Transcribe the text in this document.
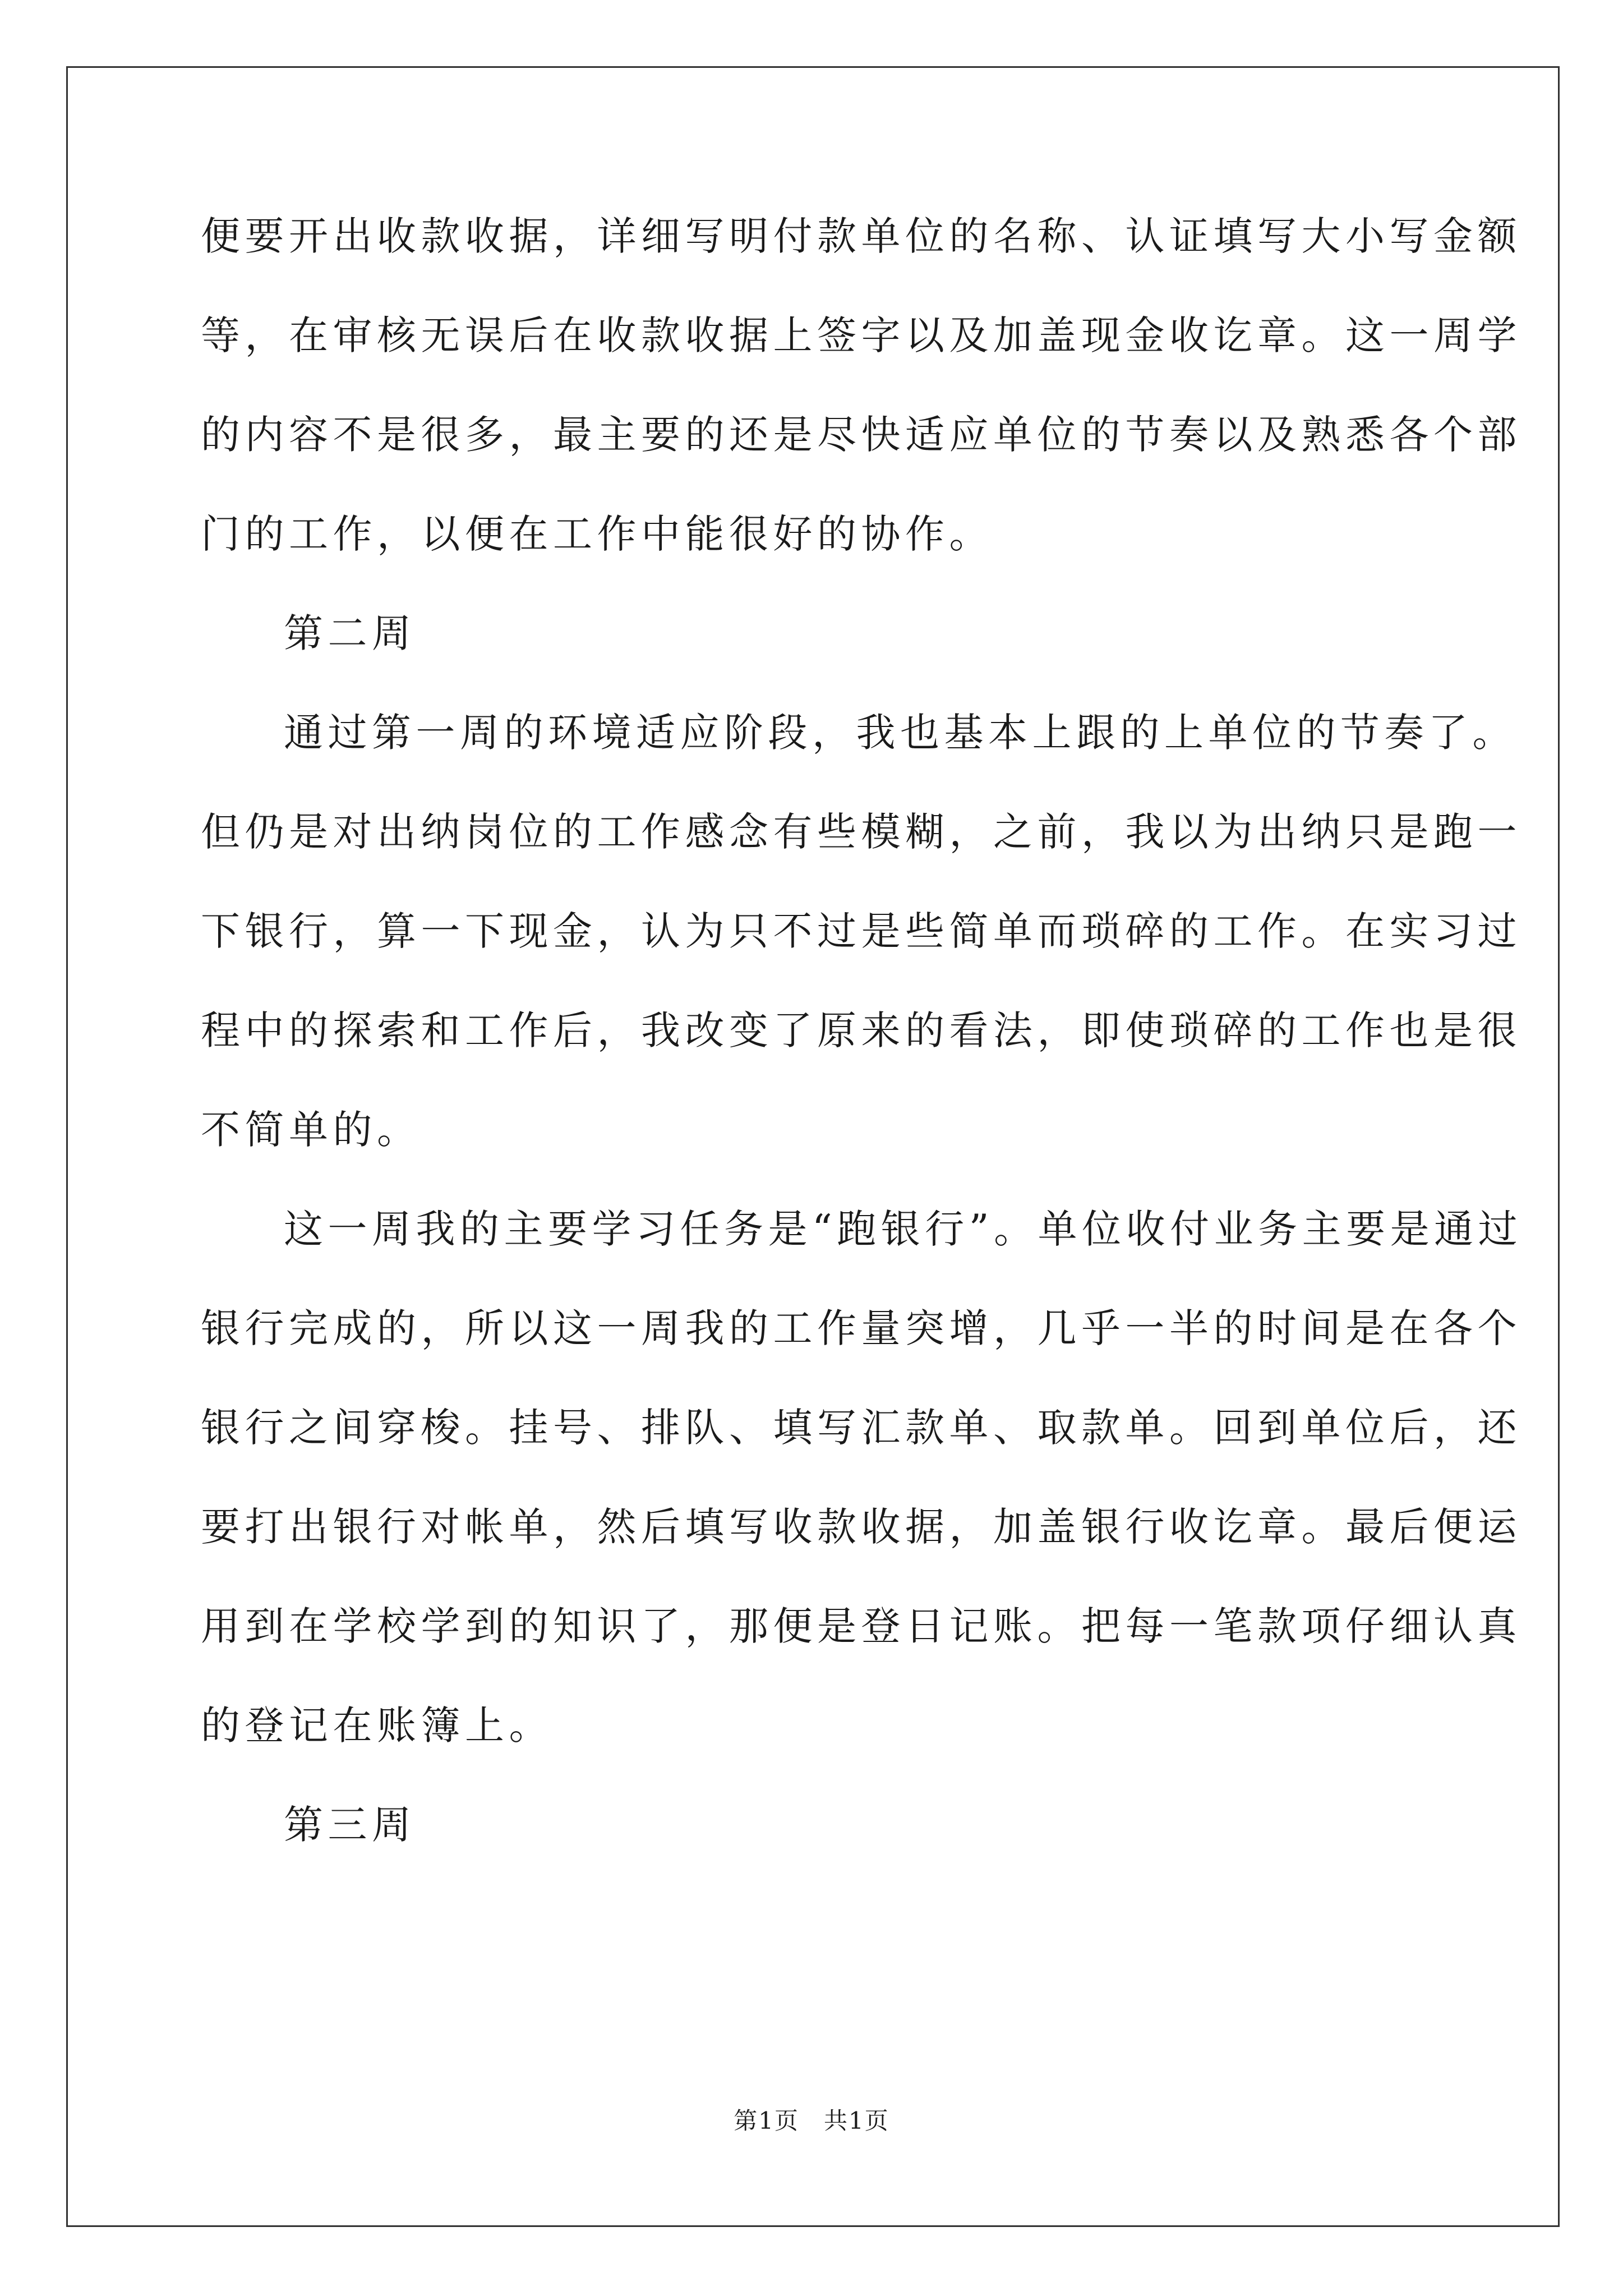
便要开出收款收据，详细写明付款单位的名称、认证填写大小写金额
等，在审核无误后在收款收据上签字以及加盖现金收讫章。这一周学
的内容不是很多，最主要的还是尽快适应单位的节奏以及熟悉各个部
门的工作，以便在工作中能很好的协作。
第二周
通过第一周的环境适应阶段，我也基本上跟的上单位的节奏了。
但仍是对出纳岗位的工作感念有些模糊，之前，我以为出纳只是跑一
下银行，算一下现金，认为只不过是些简单而琐碎的工作。在实习过
程中的探索和工作后，我改变了原来的看法，即使琐碎的工作也是很
不简单的。
这一周我的主要学习任务是“跑银行”。单位收付业务主要是通过
银行完成的，所以这一周我的工作量突增，几乎一半的时间是在各个
银行之间穿梭。挂号、排队、填写汇款单、取款单。回到单位后，还
要打出银行对帐单，然后填写收款收据，加盖银行收讫章。最后便运
用到在学校学到的知识了，那便是登日记账。把每一笔款项仔细认真
的登记在账簿上。
第三周
第1页　共1页
